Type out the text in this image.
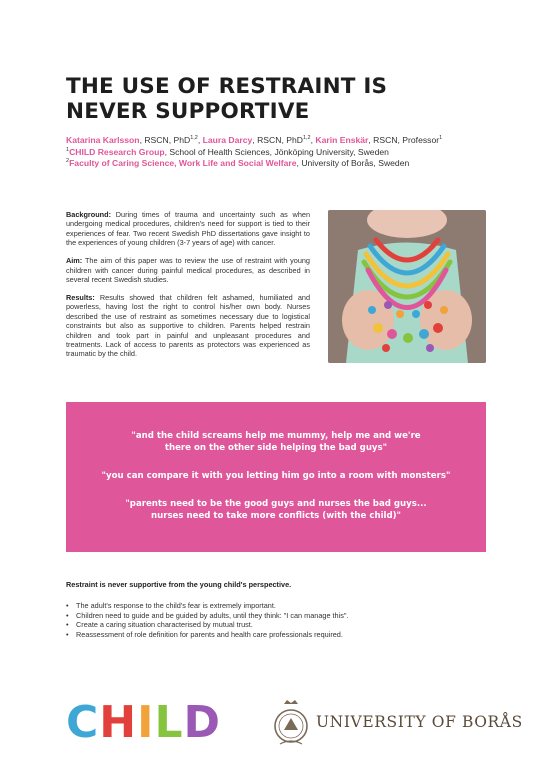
THE USE OF RESTRAINT IS
NEVER SUPPORTIVE
Katarina Karlsson, RSCN, PhD$^{1,2}$, Laura Darcy, RSCN, PhD$^{1,2}$, Karin Enskär, RSCN, Professor$^1$
$^1$CHILD Research Group, School of Health Sciences, Jönköping University, Sweden
$^2$Faculty of Caring Science, Work Life and Social Welfare, University of Borås, Sweden

Background: During times of trauma and uncertainty such as when undergoing medical procedures, children's need for support is tied to their experiences of fear. Two recent Swedish PhD dissertations gave insight to the experiences of young children (3-7 years of age) with cancer.

Aim: The aim of this paper was to review the use of restraint with young children with cancer during painful medical procedures, as described in several recent Swedish studies.

Results: Results showed that children felt ashamed, humiliated and powerless, having lost the right to control his/her own body. Nurses described the use of restraint as sometimes necessary due to logistical constraints but also as supportive to children. Parents helped restrain children and took part in painful and unpleasant procedures and treatments. Lack of access to parents as protectors was experienced as traumatic by the child.

"and the child screams help me mummy, help me and we're
there on the other side helping the bad guys"
"you can compare it with you letting him go into a room with monsters"
"parents need to be the good guys and nurses the bad guys...
nurses need to take more conflicts (with the child)"
Restraint is never supportive from the young child's perspective.
• The adult's response to the child's fear is extremely important.
• Children need to guide and be guided by adults, until they think: "I can manage this".
• Create a caring situation characterised by mutual trust.
• Reassessment of role definition for parents and health care professionals required.
CHILD	UNIVERSITY OF BORÅS
